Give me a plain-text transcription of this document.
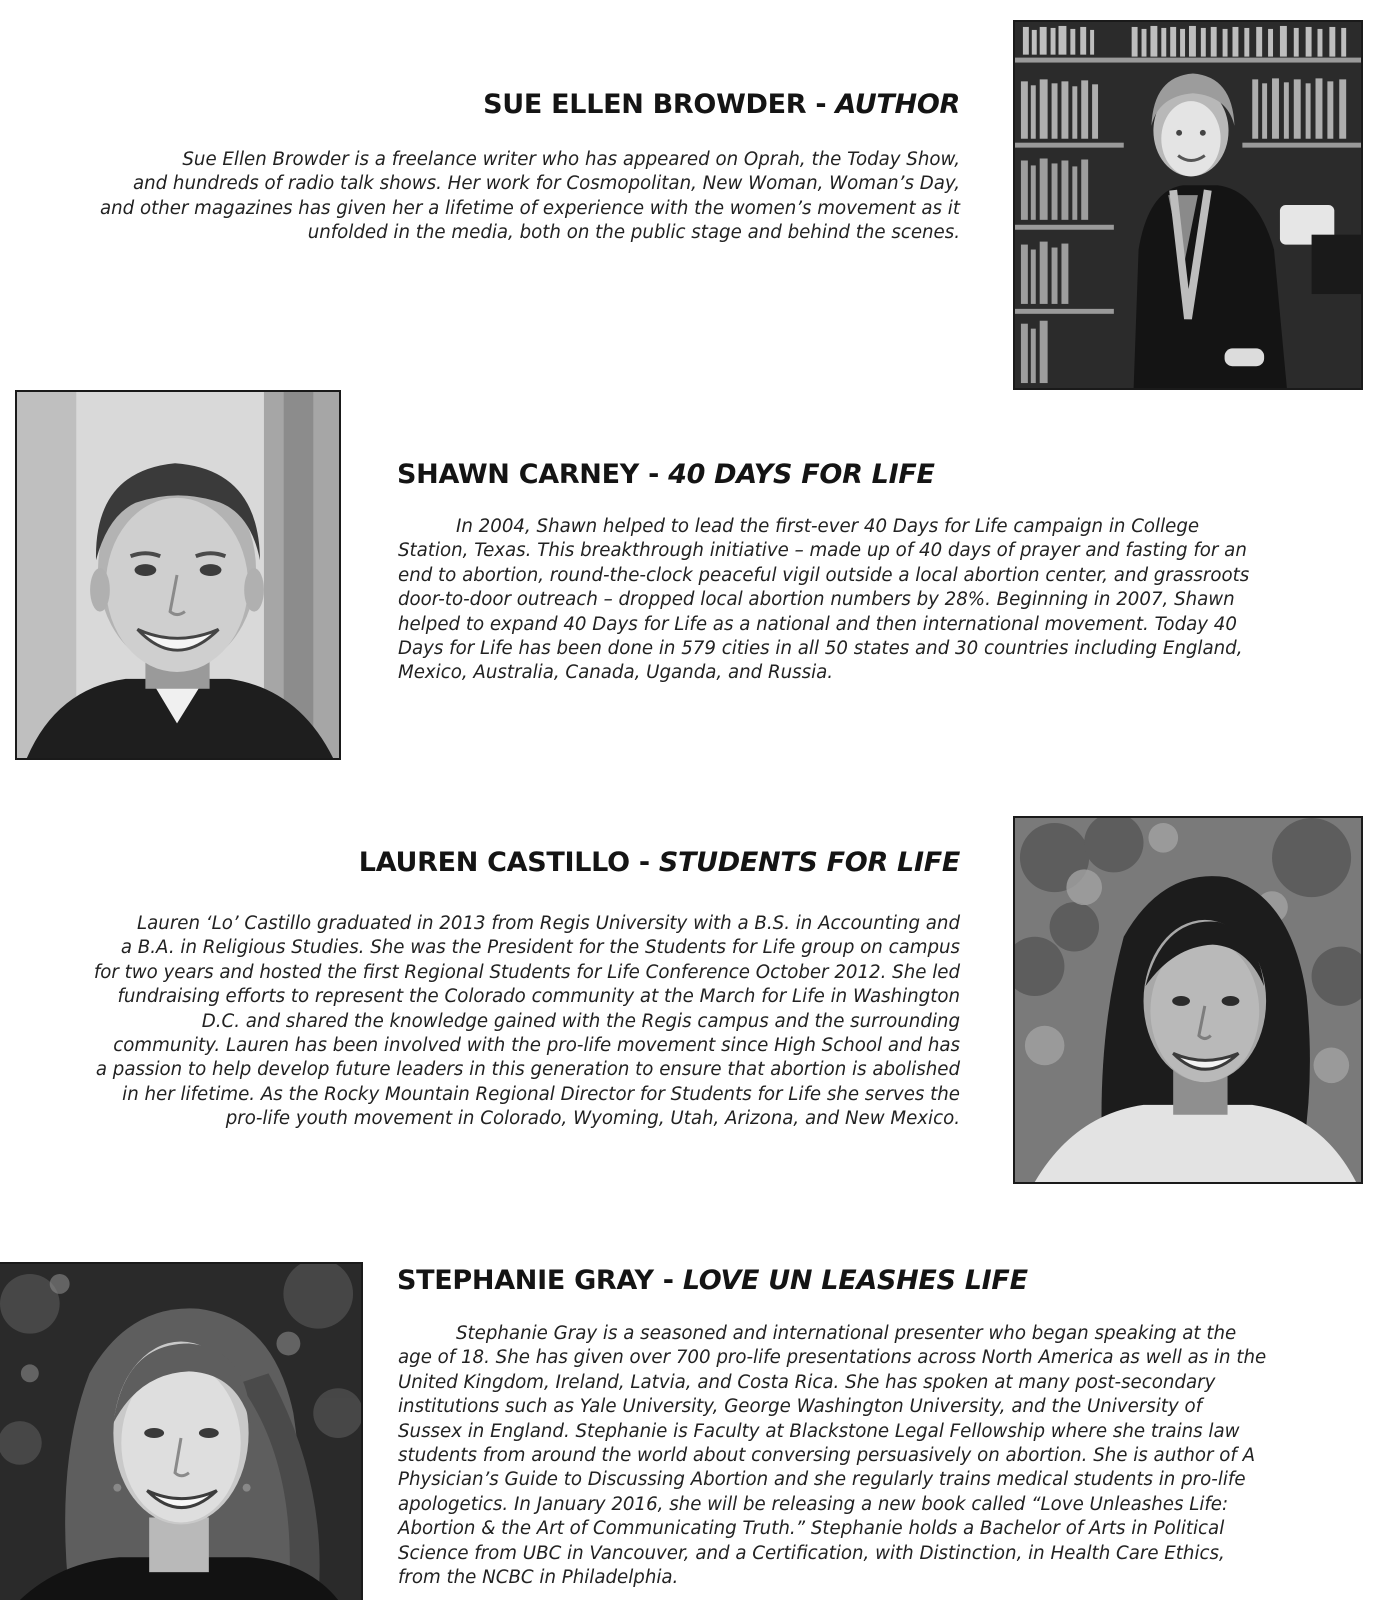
SUE ELLEN BROWDER - AUTHOR

Sue Ellen Browder is a freelance writer who has appeared on Oprah, the Today Show,
and hundreds of radio talk shows. Her work for Cosmopolitan, New Woman, Woman’s Day,
and other magazines has given her a lifetime of experience with the women’s movement as it
unfolded in the media, both on the public stage and behind the scenes.

SHAWN CARNEY - 40 DAYS FOR LIFE

In 2004, Shawn helped to lead the first-ever 40 Days for Life campaign in College
Station, Texas. This breakthrough initiative – made up of 40 days of prayer and fasting for an
end to abortion, round-the-clock peaceful vigil outside a local abortion center, and grassroots
door-to-door outreach – dropped local abortion numbers by 28%. Beginning in 2007, Shawn
helped to expand 40 Days for Life as a national and then international movement. Today 40
Days for Life has been done in 579 cities in all 50 states and 30 countries including England,
Mexico, Australia, Canada, Uganda, and Russia.

LAUREN CASTILLO - STUDENTS FOR LIFE

Lauren ‘Lo’ Castillo graduated in 2013 from Regis University with a B.S. in Accounting and
a B.A. in Religious Studies. She was the President for the Students for Life group on campus
for two years and hosted the first Regional Students for Life Conference October 2012. She led
fundraising efforts to represent the Colorado community at the March for Life in Washington
D.C. and shared the knowledge gained with the Regis campus and the surrounding
community. Lauren has been involved with the pro-life movement since High School and has
a passion to help develop future leaders in this generation to ensure that abortion is abolished
in her lifetime. As the Rocky Mountain Regional Director for Students for Life she serves the
pro-life youth movement in Colorado, Wyoming, Utah, Arizona, and New Mexico.

STEPHANIE GRAY - LOVE UN LEASHES LIFE

Stephanie Gray is a seasoned and international presenter who began speaking at the
age of 18. She has given over 700 pro-life presentations across North America as well as in the
United Kingdom, Ireland, Latvia, and Costa Rica. She has spoken at many post-secondary
institutions such as Yale University, George Washington University, and the University of
Sussex in England. Stephanie is Faculty at Blackstone Legal Fellowship where she trains law
students from around the world about conversing persuasively on abortion. She is author of A
Physician’s Guide to Discussing Abortion and she regularly trains medical students in pro-life
apologetics. In January 2016, she will be releasing a new book called “Love Unleashes Life:
Abortion & the Art of Communicating Truth.” Stephanie holds a Bachelor of Arts in Political
Science from UBC in Vancouver, and a Certification, with Distinction, in Health Care Ethics,
from the NCBC in Philadelphia.
